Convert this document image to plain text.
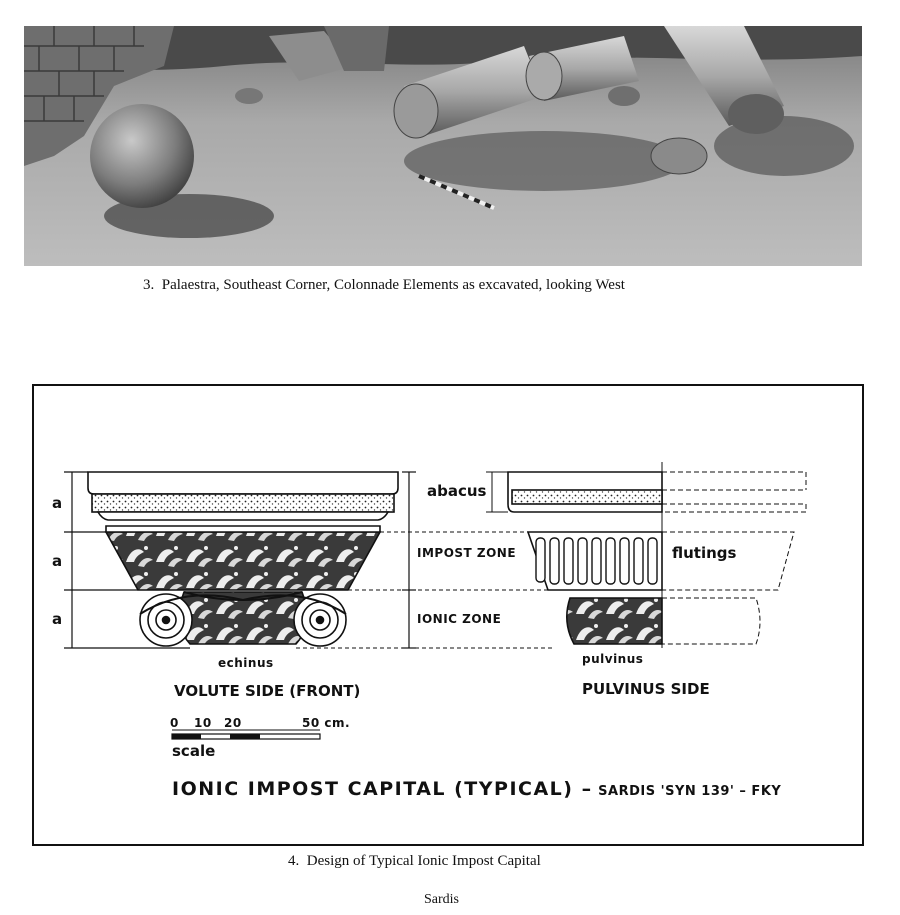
3. Palaestra, Southeast Corner, Colonnade Elements as excavated, looking West
a
a
a
abacus
IMPOST ZONE
IONIC ZONE
flutings
echinus	pulvinus
VOLUTE SIDE (FRONT)	PULVINUS SIDE
0 10 20	50 cm.
scale
IONIC IMPOST CAPITAL (TYPICAL) – SARDIS 'SYN 139' – FKY
4. Design of Typical Ionic Impost Capital
Sardis
